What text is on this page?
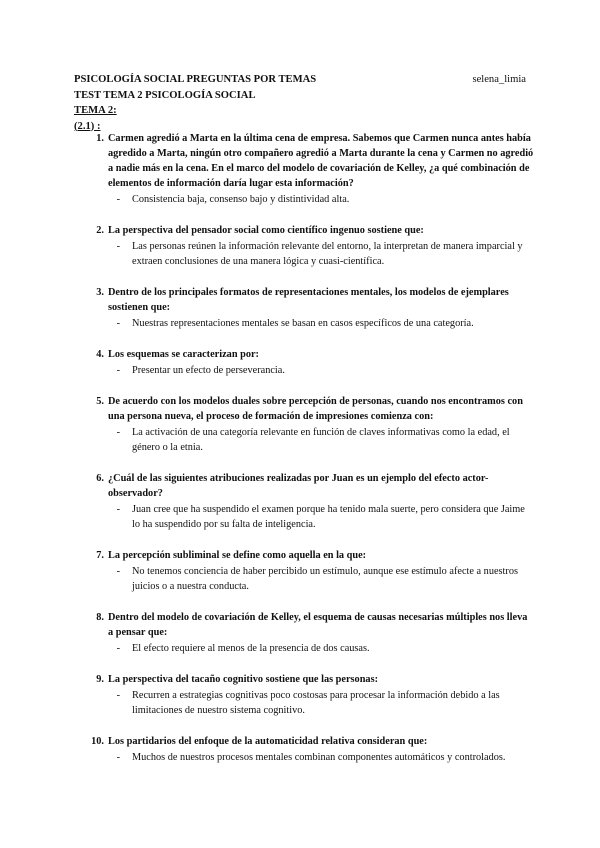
PSICOLOGÍA SOCIAL PREGUNTAS POR TEMAS	selena_limia
TEST TEMA 2 PSICOLOGÍA SOCIAL
TEMA 2:
(2.1) :
1. Carmen agredió a Marta en la última cena de empresa. Sabemos que Carmen nunca antes había agredido a Marta, ningún otro compañero agredió a Marta durante la cena y Carmen no agredió a nadie más en la cena. En el marco del modelo de covariación de Kelley, ¿a qué combinación de elementos de información daría lugar esta información?
-	Consistencia baja, consenso bajo y distintividad alta.
2. La perspectiva del pensador social como científico ingenuo sostiene que:
-	Las personas reúnen la información relevante del entorno, la interpretan de manera imparcial y extraen conclusiones de una manera lógica y cuasi-científica.
3. Dentro de los principales formatos de representaciones mentales, los modelos de ejemplares sostienen que:
-	Nuestras representaciones mentales se basan en casos específicos de una categoría.
4. Los esquemas se caracterizan por:
-	Presentar un efecto de perseverancia.
5. De acuerdo con los modelos duales sobre percepción de personas, cuando nos encontramos con una persona nueva, el proceso de formación de impresiones comienza con:
-	La activación de una categoría relevante en función de claves informativas como la edad, el género o la etnia.
6. ¿Cuál de las siguientes atribuciones realizadas por Juan es un ejemplo del efecto actor-observador?
-	Juan cree que ha suspendido el examen porque ha tenido mala suerte, pero considera que Jaime lo ha suspendido por su falta de inteligencia.
7. La percepción subliminal se define como aquella en la que:
-	No tenemos conciencia de haber percibido un estímulo, aunque ese estímulo afecte a nuestros juicios o a nuestra conducta.
8. Dentro del modelo de covariación de Kelley, el esquema de causas necesarias múltiples nos lleva a pensar que:
-	El efecto requiere al menos de la presencia de dos causas.
9. La perspectiva del tacaño cognitivo sostiene que las personas:
-	Recurren a estrategias cognitivas poco costosas para procesar la información debido a las limitaciones de nuestro sistema cognitivo.
10. Los partidarios del enfoque de la automaticidad relativa consideran que:
-	Muchos de nuestros procesos mentales combinan componentes automáticos y controlados.
